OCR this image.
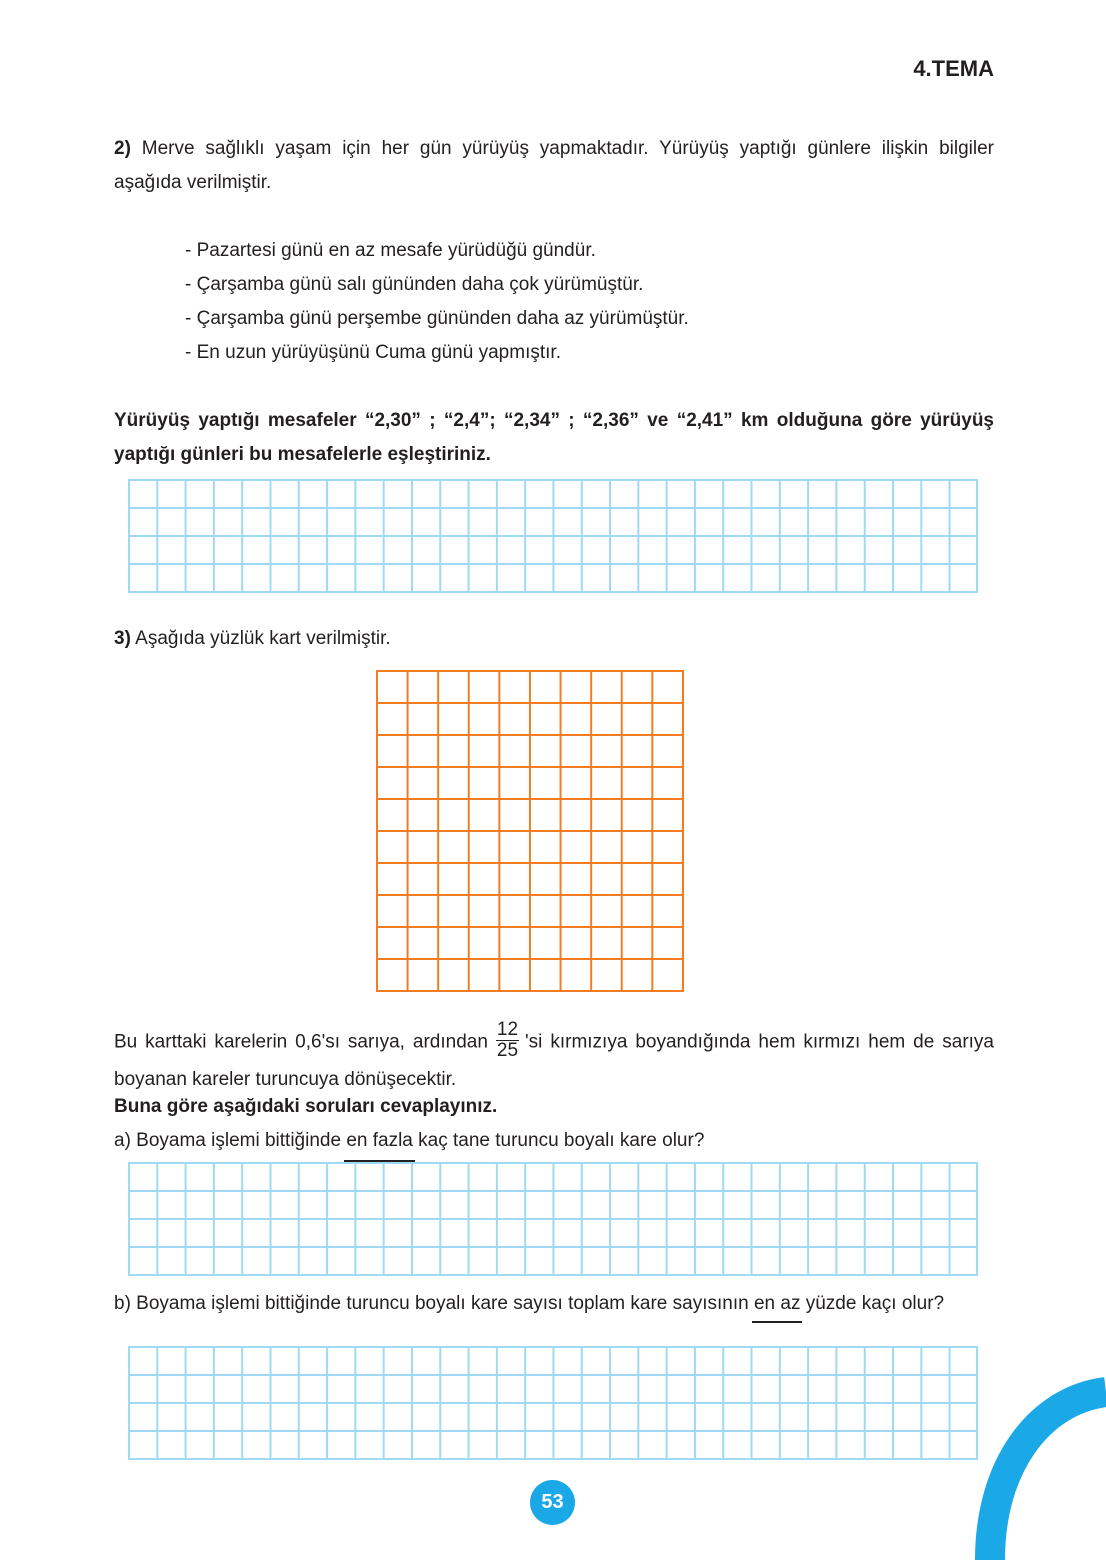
4.TEMA
2) Merve sağlıklı yaşam için her gün yürüyüş yapmaktadır. Yürüyüş yaptığı günlere ilişkin bilgiler aşağıda verilmiştir.
- Pazartesi günü en az mesafe yürüdüğü gündür.
- Çarşamba günü salı gününden daha çok yürümüştür.
- Çarşamba günü perşembe gününden daha az yürümüştür.
- En uzun yürüyüşünü Cuma günü yapmıştır.
Yürüyüş yaptığı mesafeler “2,30” ; “2,4”; “2,34” ; “2,36” ve “2,41” km olduğuna göre yürüyüş yaptığı günleri bu mesafelerle eşleştiriniz.
3) Aşağıda yüzlük kart verilmiştir.
Bu karttaki karelerin 0,6'sı sarıya, ardından $\frac{12}{25}$ 'si kırmızıya boyandığında hem kırmızı hem de sarıya boyanan kareler turuncuya dönüşecektir.
Buna göre aşağıdaki soruları cevaplayınız.
a) Boyama işlemi bittiğinde en fazla kaç tane turuncu boyalı kare olur?
b) Boyama işlemi bittiğinde turuncu boyalı kare sayısı toplam kare sayısının en az yüzde kaçı olur?
53
